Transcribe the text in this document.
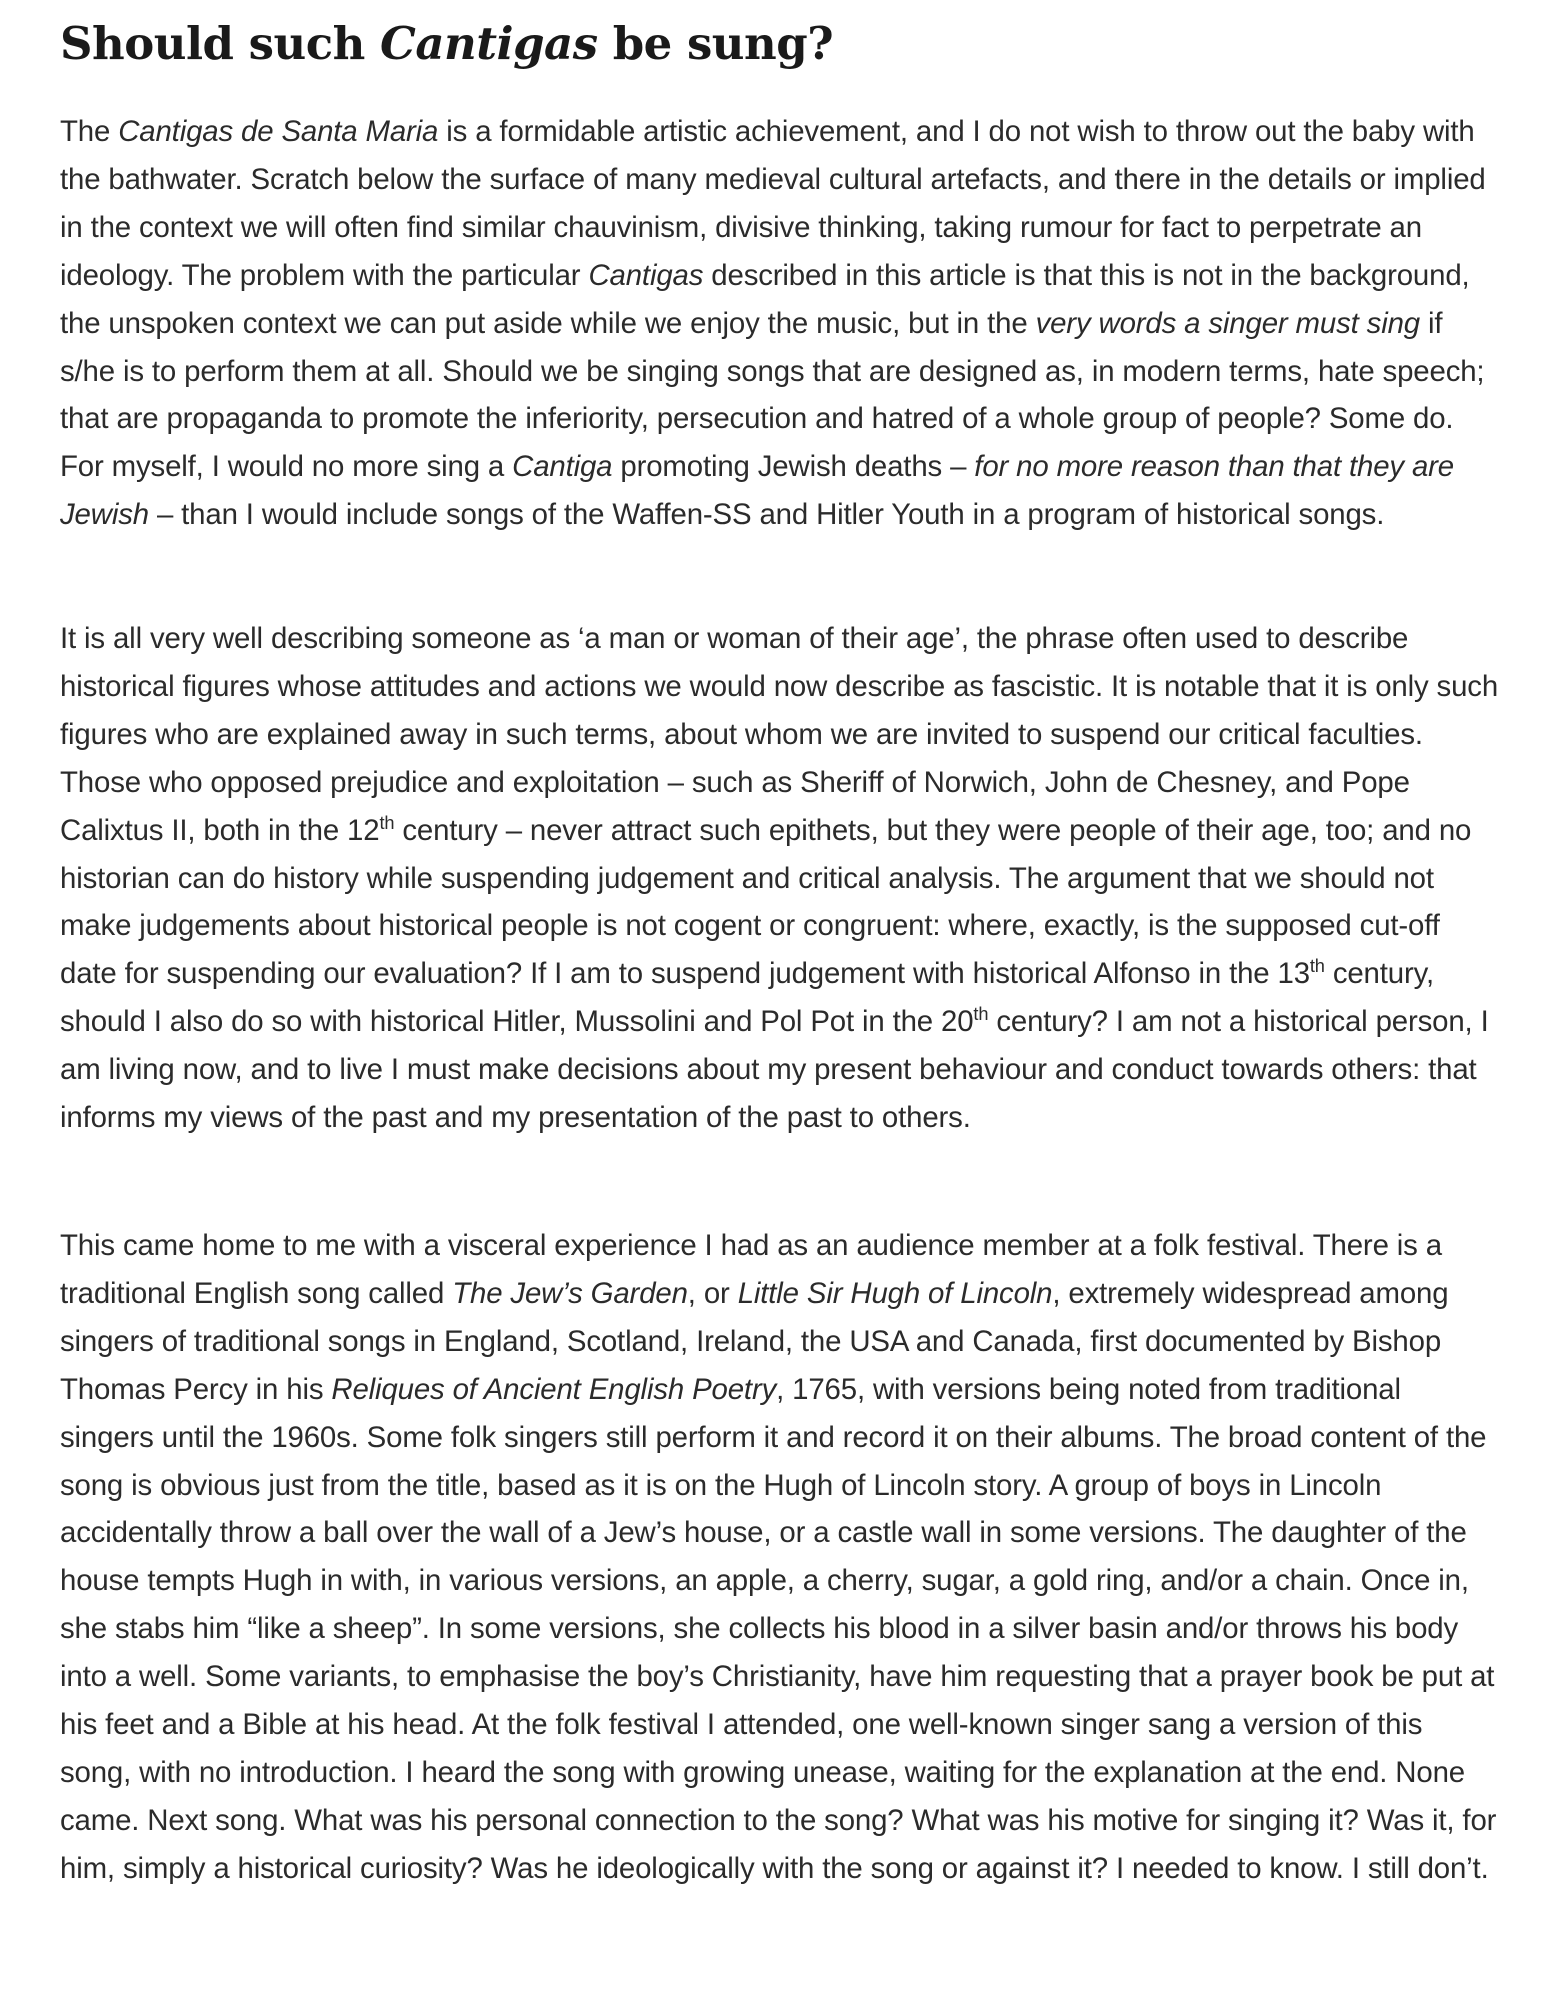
Should such Cantigas be sung?

The Cantigas de Santa Maria is a formidable artistic achievement, and I do not wish to throw out the baby with the bathwater. Scratch below the surface of many medieval cultural artefacts, and there in the details or implied in the context we will often find similar chauvinism, divisive thinking, taking rumour for fact to perpetrate an ideology. The problem with the particular Cantigas described in this article is that this is not in the background, the unspoken context we can put aside while we enjoy the music, but in the very words a singer must sing if s/he is to perform them at all. Should we be singing songs that are designed as, in modern terms, hate speech; that are propaganda to promote the inferiority, persecution and hatred of a whole group of people? Some do. For myself, I would no more sing a Cantiga promoting Jewish deaths – for no more reason than that they are Jewish – than I would include songs of the Waffen-SS and Hitler Youth in a program of historical songs.

It is all very well describing someone as ‘a man or woman of their age’, the phrase often used to describe historical figures whose attitudes and actions we would now describe as fascistic. It is notable that it is only such figures who are explained away in such terms, about whom we are invited to suspend our critical faculties. Those who opposed prejudice and exploitation – such as Sheriff of Norwich, John de Chesney, and Pope Calixtus II, both in the 12th century – never attract such epithets, but they were people of their age, too; and no historian can do history while suspending judgement and critical analysis. The argument that we should not make judgements about historical people is not cogent or congruent: where, exactly, is the supposed cut-off date for suspending our evaluation? If I am to suspend judgement with historical Alfonso in the 13th century, should I also do so with historical Hitler, Mussolini and Pol Pot in the 20th century? I am not a historical person, I am living now, and to live I must make decisions about my present behaviour and conduct towards others: that informs my views of the past and my presentation of the past to others.

This came home to me with a visceral experience I had as an audience member at a folk festival. There is a traditional English song called The Jew’s Garden, or Little Sir Hugh of Lincoln, extremely widespread among singers of traditional songs in England, Scotland, Ireland, the USA and Canada, first documented by Bishop Thomas Percy in his Reliques of Ancient English Poetry, 1765, with versions being noted from traditional singers until the 1960s. Some folk singers still perform it and record it on their albums. The broad content of the song is obvious just from the title, based as it is on the Hugh of Lincoln story. A group of boys in Lincoln accidentally throw a ball over the wall of a Jew’s house, or a castle wall in some versions. The daughter of the house tempts Hugh in with, in various versions, an apple, a cherry, sugar, a gold ring, and/or a chain. Once in, she stabs him “like a sheep”. In some versions, she collects his blood in a silver basin and/or throws his body into a well. Some variants, to emphasise the boy’s Christianity, have him requesting that a prayer book be put at his feet and a Bible at his head. At the folk festival I attended, one well-known singer sang a version of this song, with no introduction. I heard the song with growing unease, waiting for the explanation at the end. None came. Next song. What was his personal connection to the song? What was his motive for singing it? Was it, for him, simply a historical curiosity? Was he ideologically with the song or against it? I needed to know. I still don’t.
